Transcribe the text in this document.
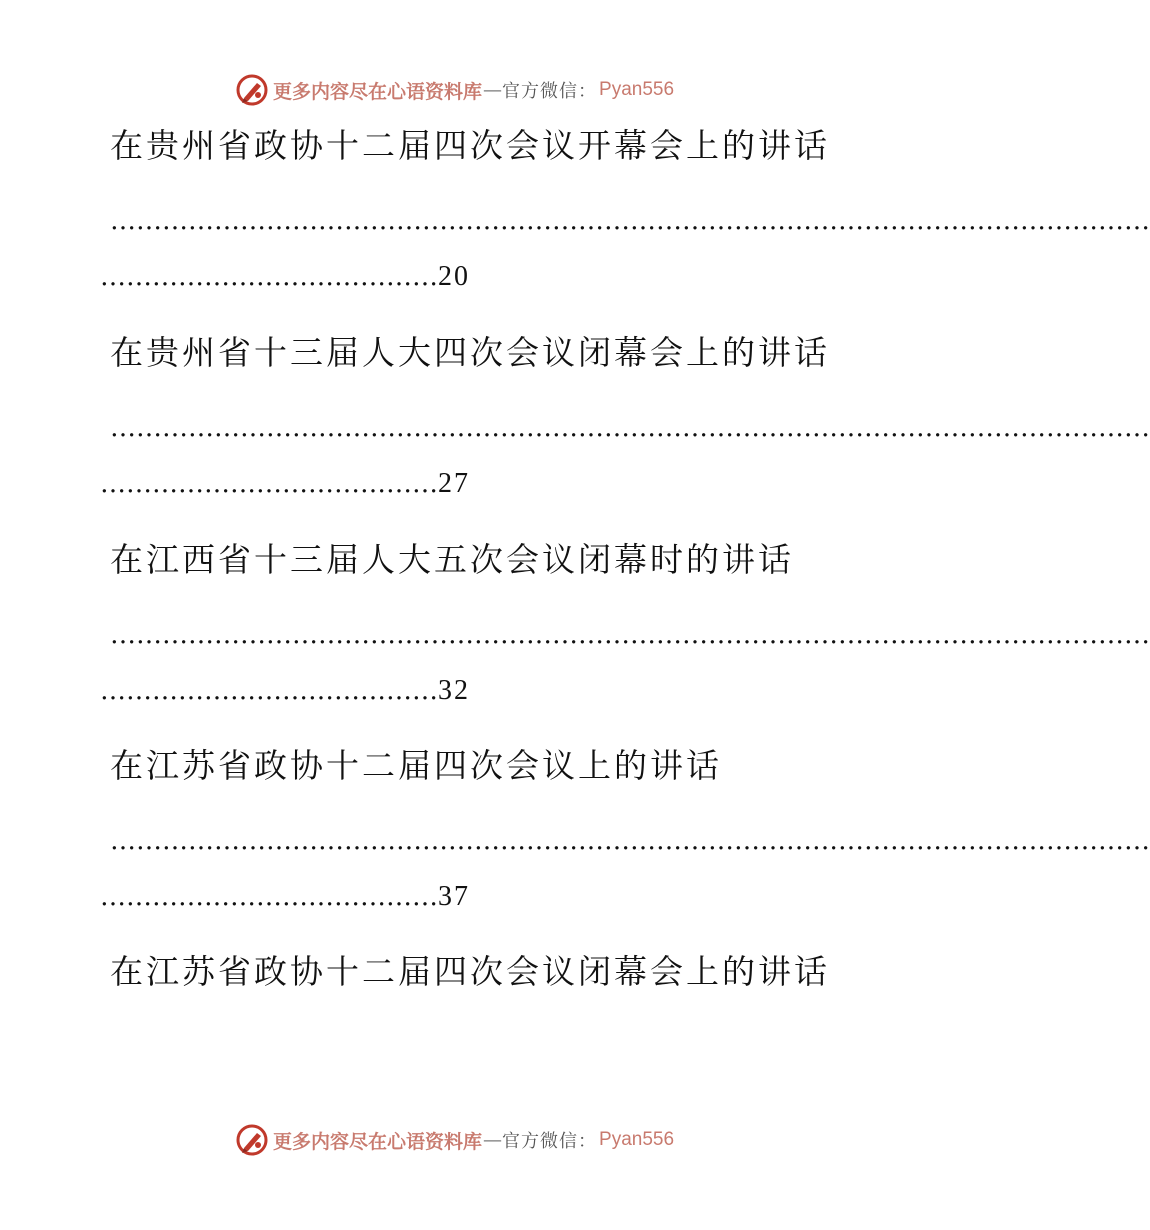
更多内容尽在心语资料库 — 官方微信： Pyan556
在贵州省政协十二届四次会议开幕会上的讲话
…………………………………………………………………………………………………………
…………………………………20
在贵州省十三届人大四次会议闭幕会上的讲话
…………………………………………………………………………………………………………
…………………………………27
在江西省十三届人大五次会议闭幕时的讲话
…………………………………………………………………………………………………………
…………………………………32
在江苏省政协十二届四次会议上的讲话
…………………………………………………………………………………………………………
…………………………………37
在江苏省政协十二届四次会议闭幕会上的讲话
更多内容尽在心语资料库 — 官方微信： Pyan556
